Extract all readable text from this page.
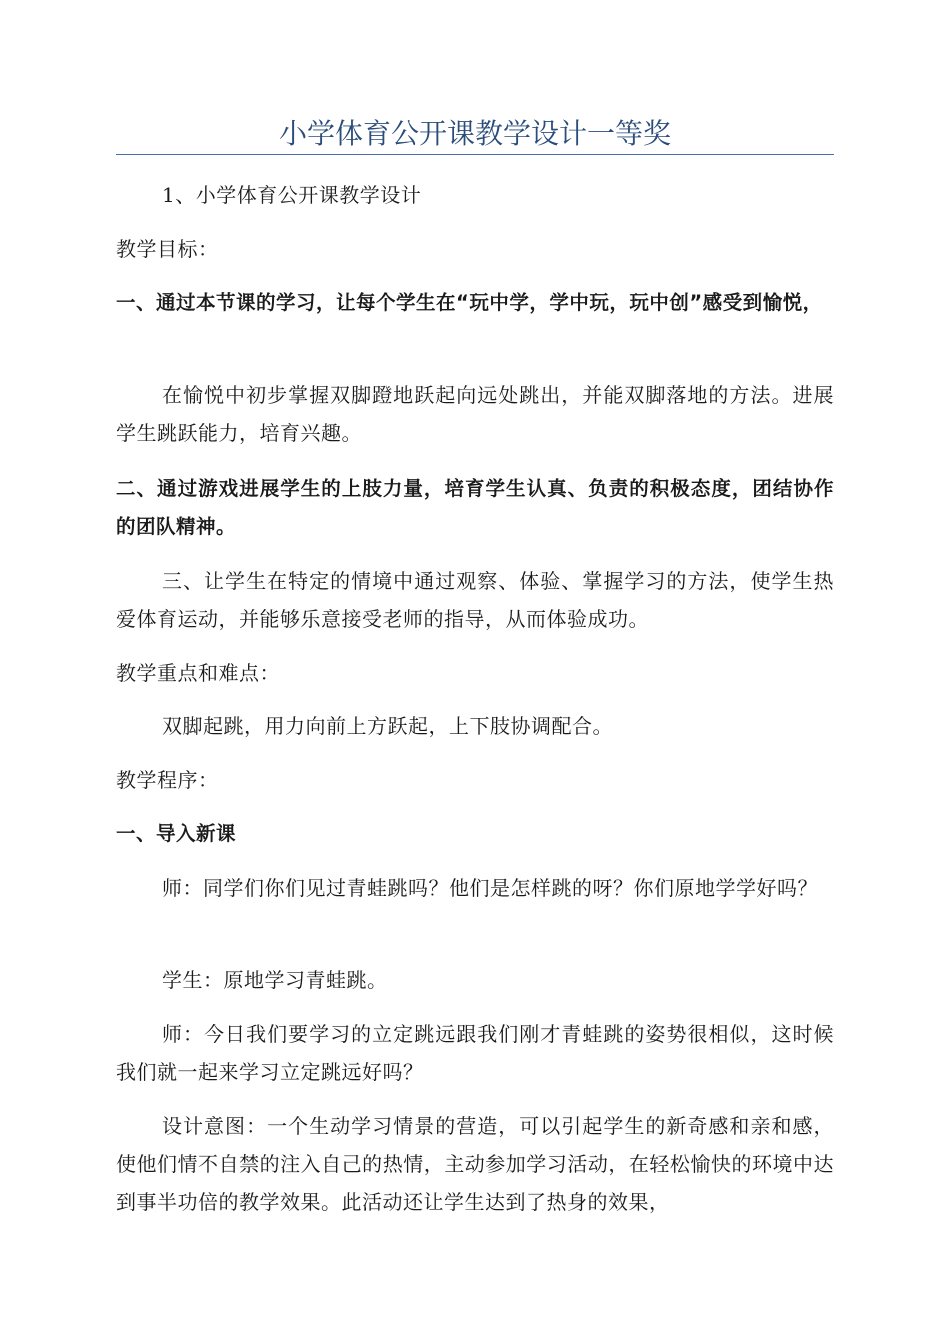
小学体育公开课教学设计一等奖

1、小学体育公开课教学设计

教学目标：

一、通过本节课的学习，让每个学生在“玩中学，学中玩，玩中创”感受到愉悦，

在愉悦中初步掌握双脚蹬地跃起向远处跳出，并能双脚落地的方法。进展学生跳跃能力，培育兴趣。

二、通过游戏进展学生的上肢力量，培育学生认真、负责的积极态度，团结协作的团队精神。

三、让学生在特定的情境中通过观察、体验、掌握学习的方法，使学生热爱体育运动，并能够乐意接受老师的指导，从而体验成功。

教学重点和难点：

双脚起跳，用力向前上方跃起，上下肢协调配合。

教学程序：

一、导入新课

师：同学们你们见过青蛙跳吗？他们是怎样跳的呀？你们原地学学好吗？

学生：原地学习青蛙跳。

师：今日我们要学习的立定跳远跟我们刚才青蛙跳的姿势很相似，这时候我们就一起来学习立定跳远好吗？

设计意图：一个生动学习情景的营造，可以引起学生的新奇感和亲和感，使他们情不自禁的注入自己的热情，主动参加学习活动，在轻松愉快的环境中达到事半功倍的教学效果。此活动还让学生达到了热身的效果，
